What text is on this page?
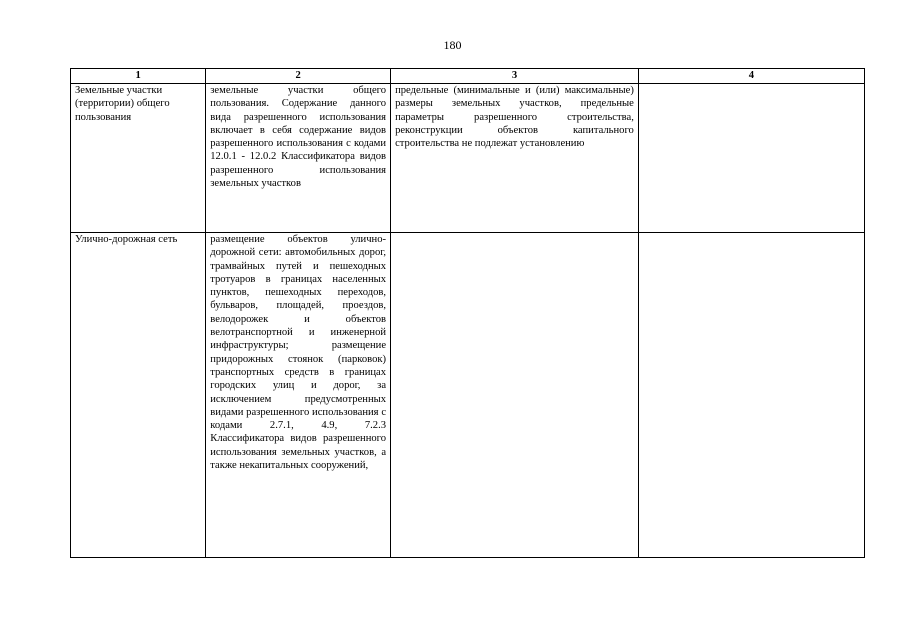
180
1	2	3	4
Земельные участки (территории) общего пользования	земельные участки общего пользования. Содержание данного вида разрешенного использования включает в себя содержание видов разрешенного использования с кодами 12.0.1 - 12.0.2 Классификатора видов разрешенного использования земельных участков	предельные (минимальные и (или) максимальные) размеры земельных участков, предельные параметры разрешенного строительства, реконструкции объектов капитального строительства не подлежат установлению	
Улично-дорожная сеть	размещение объектов улично-дорожной сети: автомобильных дорог, трамвайных путей и пешеходных тротуаров в границах населенных пунктов, пешеходных переходов, бульваров, площадей, проездов, велодорожек и объектов велотранспортной и инженерной инфраструктуры; размещение придорожных стоянок (парковок) транспортных средств в границах городских улиц и дорог, за исключением предусмотренных видами разрешенного использования с кодами 2.7.1, 4.9, 7.2.3 Классификатора видов разрешенного использования земельных участков, а также некапитальных сооружений,		
